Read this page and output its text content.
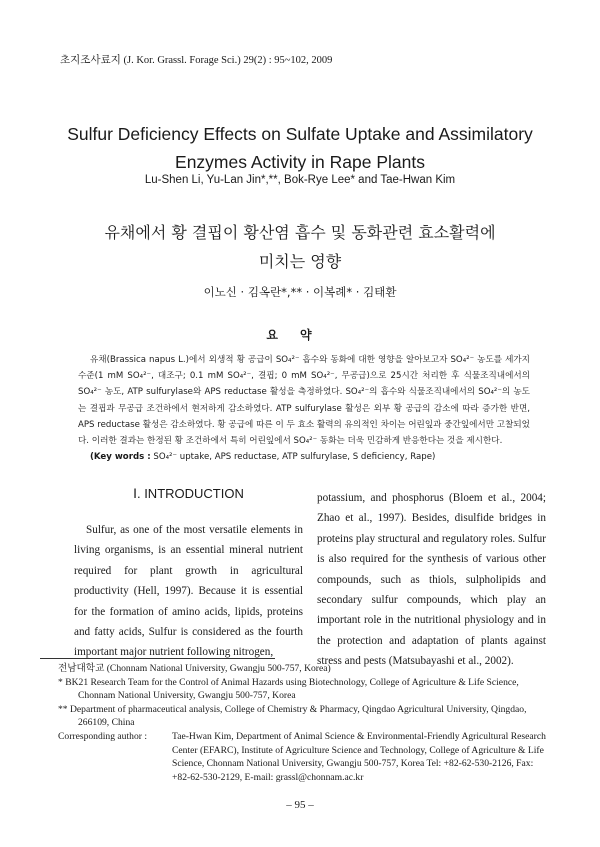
초지조사료지 (J. Kor. Grassl. Forage Sci.) 29(2) : 95~102, 2009
Sulfur Deficiency Effects on Sulfate Uptake and Assimilatory
Enzymes Activity in Rape Plants
Lu-Shen Li, Yu-Lan Jin*,**, Bok-Rye Lee* and Tae-Hwan Kim
유채에서 황 결핍이 황산염 흡수 및 동화관련 효소활력에
미치는 영향
이노신 · 김옥란*,** · 이복례* · 김태환
요약

유채(Brassica napus L.)에서 외생적 황 공급이 SO₄²⁻ 흡수와 동화에 대한 영향을 알아보고자 SO₄²⁻ 농도를 세가지 수준(1 mM SO₄²⁻, 대조구; 0.1 mM SO₄²⁻, 결핍; 0 mM SO₄²⁻, 무공급)으로 25시간 처리한 후 식물조직내에서의 SO₄²⁻ 농도, ATP sulfurylase와 APS reductase 활성을 측정하였다. SO₄²⁻의 흡수와 식물조직내에서의 SO₄²⁻의 농도는 결핍과 무공급 조건하에서 현저하게 감소하였다. ATP sulfurylase 활성은 외부 황 공급의 감소에 따라 증가한 반면, APS reductase 활성은 감소하였다. 황 공급에 따른 이 두 효소 활력의 유의적인 차이는 어린잎과 중간잎에서만 고찰되었다. 이러한 결과는 한정된 황 조건하에서 특히 어린잎에서 SO₄²⁻ 동화는 더욱 민감하게 반응한다는 것을 제시한다.

(Key words : SO₄²⁻ uptake, APS reductase, ATP sulfurylase, S deficiency, Rape)

Ⅰ. INTRODUCTION

Sulfur, as one of the most versatile elements in living organisms, is an essential mineral nutrient required for plant growth in agricultural productivity (Hell, 1997). Because it is essential for the formation of amino acids, lipids, proteins and fatty acids, Sulfur is considered as the fourth important major nutrient following nitrogen,

potassium, and phosphorus (Bloem et al., 2004; Zhao et al., 1997). Besides, disulfide bridges in proteins play structural and regulatory roles. Sulfur is also required for the synthesis of various other compounds, such as thiols, sulpholipids and secondary sulfur compounds, which play an important role in the nutritional physiology and in the protection and adaptation of plants against stress and pests (Matsubayashi et al., 2002).

전남대학교 (Chonnam National University, Gwangju 500-757, Korea)

* BK21 Research Team for the Control of Animal Hazards using Biotechnology, College of Agriculture & Life Science, Chonnam National University, Gwangju 500-757, Korea

** Department of pharmaceutical analysis, College of Chemistry & Pharmacy, Qingdao Agricultural University, Qingdao, 266109, China

Corresponding author :	Tae-Hwan Kim, Department of Animal Science & Environmental-Friendly Agricultural Research Center (EFARC), Institute of Agriculture Science and Technology, College of Agriculture & Life Science, Chonnam National University, Gwangju 500-757, Korea Tel: +82-62-530-2126, Fax: +82-62-530-2129, E-mail: grassl@chonnam.ac.kr
– 95 –
